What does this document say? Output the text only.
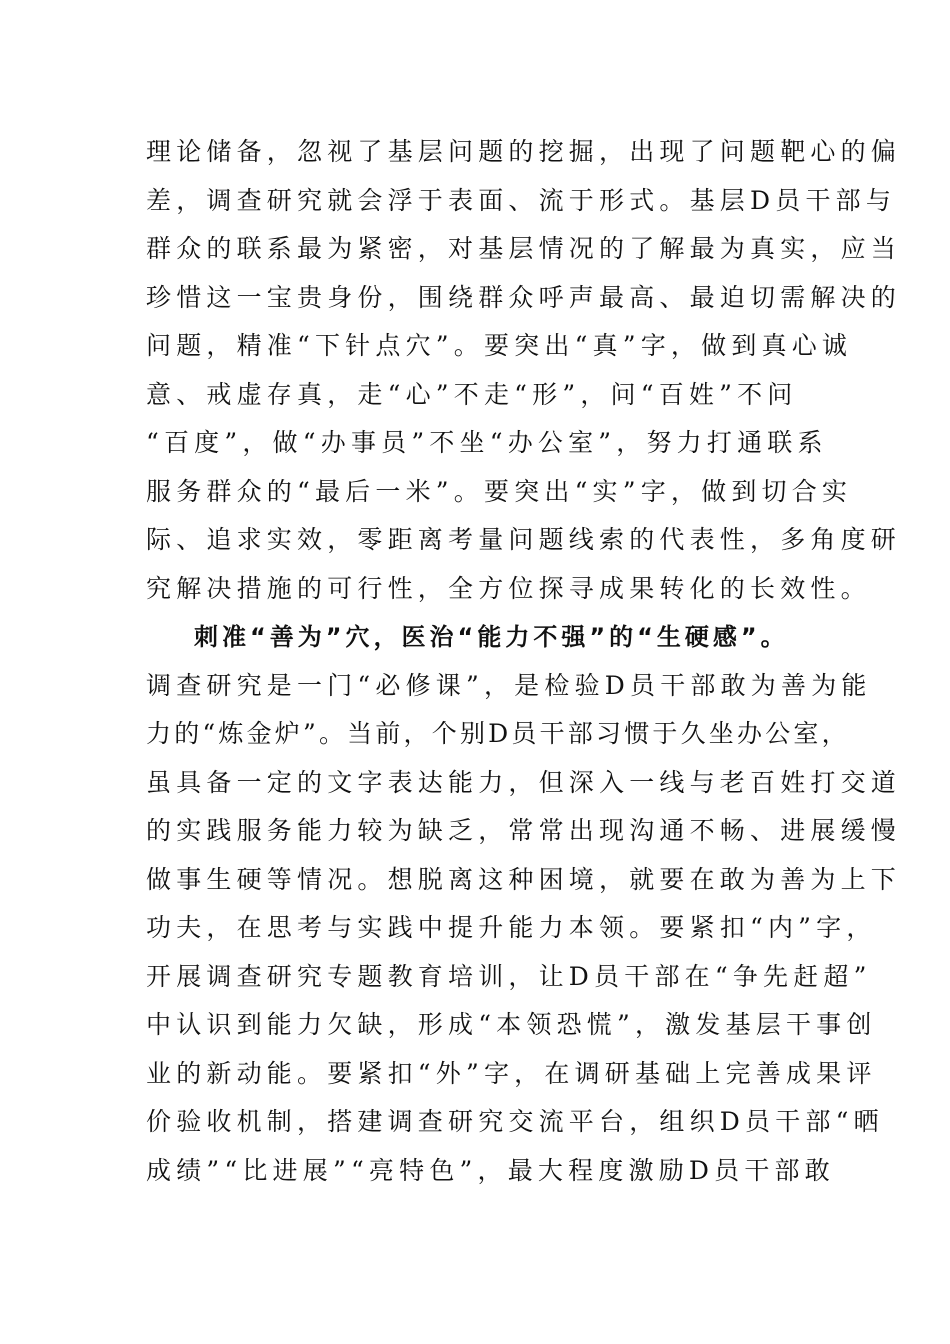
理论储备，忽视了基层问题的挖掘，出现了问题靶心的偏
差，调查研究就会浮于表面、流于形式。基层D员干部与
群众的联系最为紧密，对基层情况的了解最为真实，应当
珍惜这一宝贵身份，围绕群众呼声最高、最迫切需解决的
问题，精准“下针点穴”。要突出“真”字，做到真心诚
意、戒虚存真，走“心”不走“形”，问“百姓”不问
“百度”，做“办事员”不坐“办公室”，努力打通联系
服务群众的“最后一米”。要突出“实”字，做到切合实
际、追求实效，零距离考量问题线索的代表性，多角度研
究解决措施的可行性，全方位探寻成果转化的长效性。
刺准“善为”穴，医治“能力不强”的“生硬感”。
调查研究是一门“必修课”，是检验D员干部敢为善为能
力的“炼金炉”。当前，个别D员干部习惯于久坐办公室，
虽具备一定的文字表达能力，但深入一线与老百姓打交道
的实践服务能力较为缺乏，常常出现沟通不畅、进展缓慢
做事生硬等情况。想脱离这种困境，就要在敢为善为上下
功夫，在思考与实践中提升能力本领。要紧扣“内”字，
开展调查研究专题教育培训，让D员干部在“争先赶超”
中认识到能力欠缺，形成“本领恐慌”，激发基层干事创
业的新动能。要紧扣“外”字，在调研基础上完善成果评
价验收机制，搭建调查研究交流平台，组织D员干部“晒
成绩”“比进展”“亮特色”，最大程度激励D员干部敢
